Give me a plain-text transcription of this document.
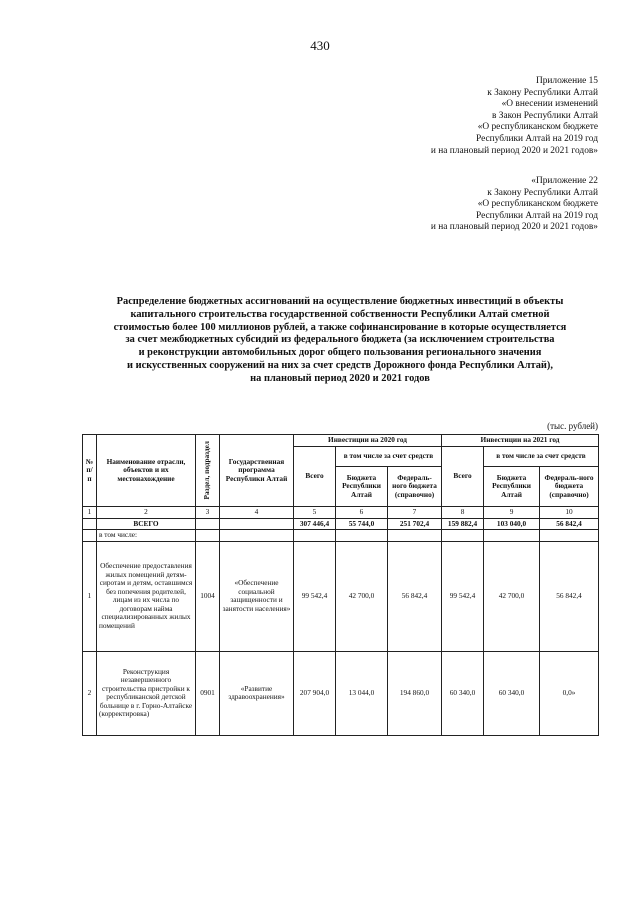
430
Приложение 15
к Закону Республики Алтай
«О внесении изменений
в Закон Республики Алтай
«О республиканском бюджете
Республики Алтай на 2019 год
и на плановый период 2020 и 2021 годов»
«Приложение 22
к Закону Республики Алтай
«О республиканском бюджете
Республики Алтай на 2019 год
и на плановый период 2020 и 2021 годов»
Распределение бюджетных ассигнований на осуществление бюджетных инвестиций в объекты
капитального строительства государственной собственности Республики Алтай сметной
стоимостью более 100 миллионов рублей, а также софинансирование в которые осуществляется
за счет межбюджетных субсидий из федерального бюджета (за исключением строительства
и реконструкции автомобильных дорог общего пользования регионального значения
и искусственных сооружений на них за счет средств Дорожного фонда Республики Алтай),
на плановый период 2020 и 2021 годов
(тыс. рублей)
№ п/п	Наименование отрасли, объектов и их местонахождение	Раздел, подраздел	Государственная программа Республики Алтай	Инвестиции на 2020 год			Инвестиции на 2021 год		
				Всего	в том числе за счет средств		Всего	в том числе за счет средств	
					Бюджета Республики Алтай	Федераль-ного бюджета (справочно)		Бюджета Республики Алтай	Федераль-ного бюджета (справочно)
1	2	3	4	5	6	7	8	9	10
	ВСЕГО			307 446,4	55 744,0	251 702,4	159 882,4	103 040,0	56 842,4
	в том числе:								
1	Обеспечение предоставления жилых помещений детям-сиротам и детям, оставшимся без попечения родителей, лицам из их числа по договорам найма специализированных жилых помещений	1004	«Обеспечение социальной защищенности и занятости населения»	99 542,4	42 700,0	56 842,4	99 542,4	42 700,0	56 842,4
2	Реконструкция незавершенного строительства пристройки к республиканской детской больнице в г. Горно-Алтайске (корректировка)	0901	«Развитие здравоохранения»	207 904,0	13 044,0	194 860,0	60 340,0	60 340,0	0,0»
